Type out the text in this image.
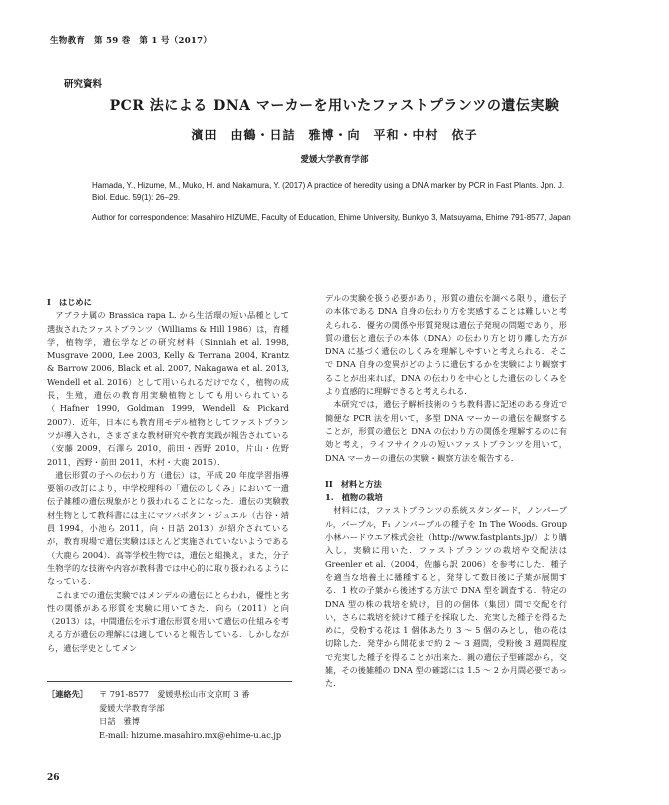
生物教育　第 59 巻　第 1 号（2017）
研究資料
PCR 法による DNA マーカーを用いたファストプランツの遺伝実験
濱田　由鶴・日詰　雅博・向　平和・中村　依子
愛媛大学教育学部
Hamada, Y., Hizume, M., Muko, H. and Nakamura, Y. (2017) A practice of heredity using a DNA marker by PCR in Fast Plants. Jpn. J. Biol. Educ. 59(1): 26–29.
Author for correspondence: Masahiro HIZUME, Faculty of Education, Ehime University, Bunkyo 3, Matsuyama, Ehime 791-8577, Japan

I　はじめに

アブラナ属の Brassica rapa L. から生活環の短い品種として選抜されたファストプランツ（Williams & Hill 1986）は，育種学，植物学，遺伝学などの研究材料（Sinniah et al. 1998, Musgrave 2000, Lee 2003, Kelly & Terrana 2004, Krantz & Barrow 2006, Black et al. 2007, Nakagawa et al. 2013, Wendell et al. 2016）として用いられるだけでなく，植物の成長，生殖，遺伝の教育用実験植物としても用いられている（Hafner 1990, Goldman 1999, Wendell & Pickard 2007）．近年，日本にも教育用モデル植物としてファストプランツが導入され，さまざまな教材研究や教育実践が報告されている（安藤 2009，石澤ら 2010，前田・西野 2010，片山・佐野 2011，西野・前田 2011，木村・大鹿 2015）．

遺伝形質の子への伝わり方（遺伝）は，平成 20 年度学習指導要領の改訂により，中学校理科の「遺伝のしくみ」において一遺伝子雑種の遺伝現象がとり扱われることになった．遺伝の実験教材生物として教科書には主にマツバボタン・ジュエル（古谷・靖員 1994，小池ら 2011，向・日詰 2013）が紹介されているが，教育現場で遺伝実験はほとんど実施されていないようである（大鹿ら 2004）．高等学校生物では，遺伝と組換え，また，分子生物学的な技術や内容が教科書では中心的に取り扱われるようになっている．

これまでの遺伝実験ではメンデルの遺伝にとらわれ，優性と劣性の関係がある形質を実験に用いてきた．向ら（2011）と向（2013）は，中間遺伝を示す遺伝形質を用いて遺伝の仕組みを考える方が遺伝の理解には適していると報告している．しかしながら，遺伝学史としてメン

デルの実験を扱う必要があり，形質の遺伝を調べる限り，遺伝子の本体である DNA 自身の伝わり方を実感することは難しいと考えられる．優劣の関係や形質発現は遺伝子発現の問題であり，形質の遺伝と遺伝子の本体（DNA）の伝わり方と切り離した方が DNA に基づく遺伝のしくみを理解しやすいと考えられる．そこで DNA 自身の変異がどのように遺伝するかを実験により観察することが出来れば，DNA の伝わりを中心とした遺伝のしくみをより直感的に理解できると考えられる．

本研究では，遺伝子解析技術のうち教科書に記述のある身近で簡便な PCR 法を用いて，多型 DNA マーカーの遺伝を観察することが，形質の遺伝と DNA の伝わり方の関係を理解するのに有効と考え，ライフサイクルの短いファストプランツを用いて，DNA マーカーの遺伝の実験・観察方法を報告する．

II　材料と方法

1.　植物の栽培

材料には，ファストプランツの系統スタンダード，ノンパープル，パープル，F₁ ノンパープルの種子を In The Woods. Group 小林ハードウエア株式会社（http://www.fastplants.jp/）より購入し，実験に用いた．ファストプランツの栽培や交配法は Greenler et al.（2004，佐藤ら訳 2006）を参考にした．種子を適当な培養土に播種すると，発芽して数日後に子葉が展開する．1 枚の子葉から後述する方法で DNA 型を調査する．特定の DNA 型の株の栽培を続け，目的の個体（集団）間で交配を行い，さらに栽培を続けて種子を採取した．充実した種子を得るために，受粉する花は 1 個体あたり 3 ～ 5 個のみとし，他の花は切除した．発芽から開花まで約 2 ～ 3 週間，受粉後 3 週間程度で充実した種子を得ることが出来た．親の遺伝子型確認から，交雑，その後雑種の DNA 型の確認には 1.5 ～ 2 か月間必要であった．

［連絡先］	〒 791-8577　愛媛県松山市文京町 3 番
愛媛大学教育学部
日詰　雅博
E-mail: hizume.masahiro.mx@ehime-u.ac.jp
26
